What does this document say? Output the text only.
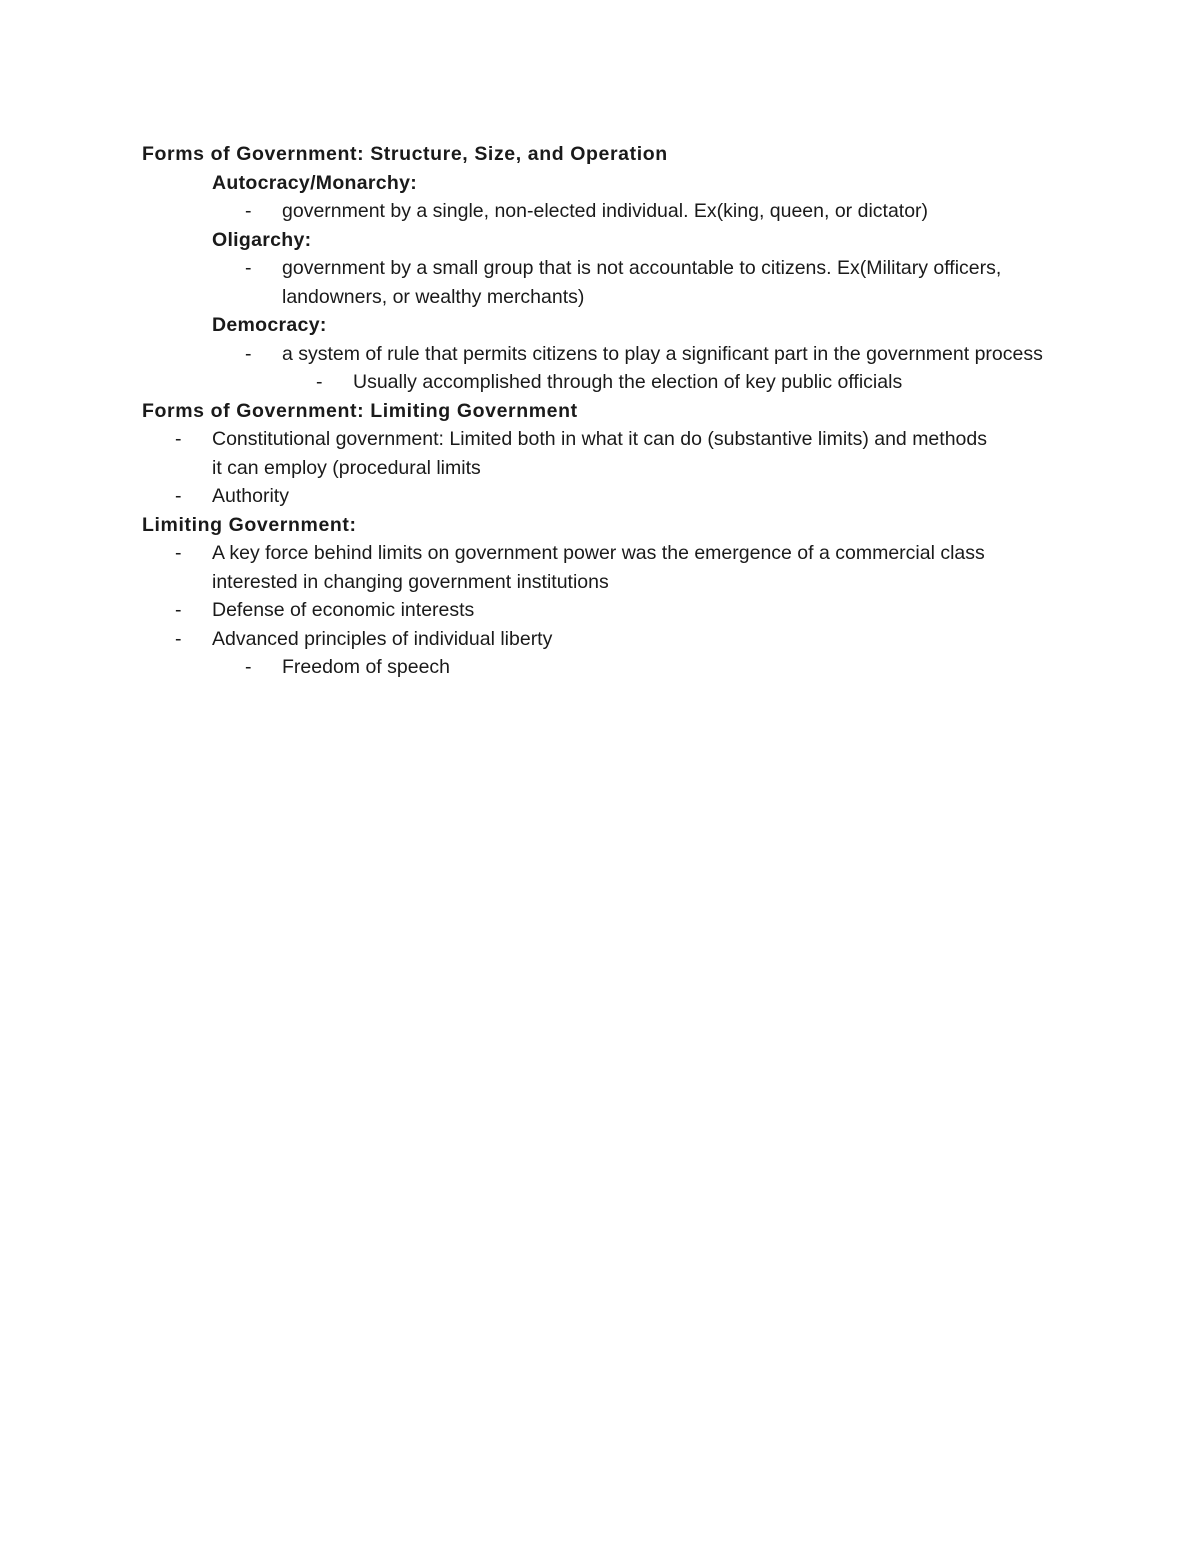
Forms of Government: Structure, Size, and Operation
Autocracy/Monarchy:
- government by a single, non-elected individual. Ex(king, queen, or dictator)
Oligarchy:
- government by a small group that is not accountable to citizens. Ex(Military officers, landowners, or wealthy merchants)
Democracy:
- a system of rule that permits citizens to play a significant part in the government process
- Usually accomplished through the election of key public officials
Forms of Government: Limiting Government
- Constitutional government: Limited both in what it can do (substantive limits) and methods it can employ (procedural limits
- Authority
Limiting Government:
- A key force behind limits on government power was the emergence of a commercial class interested in changing government institutions
- Defense of economic interests
- Advanced principles of individual liberty
- Freedom of speech
